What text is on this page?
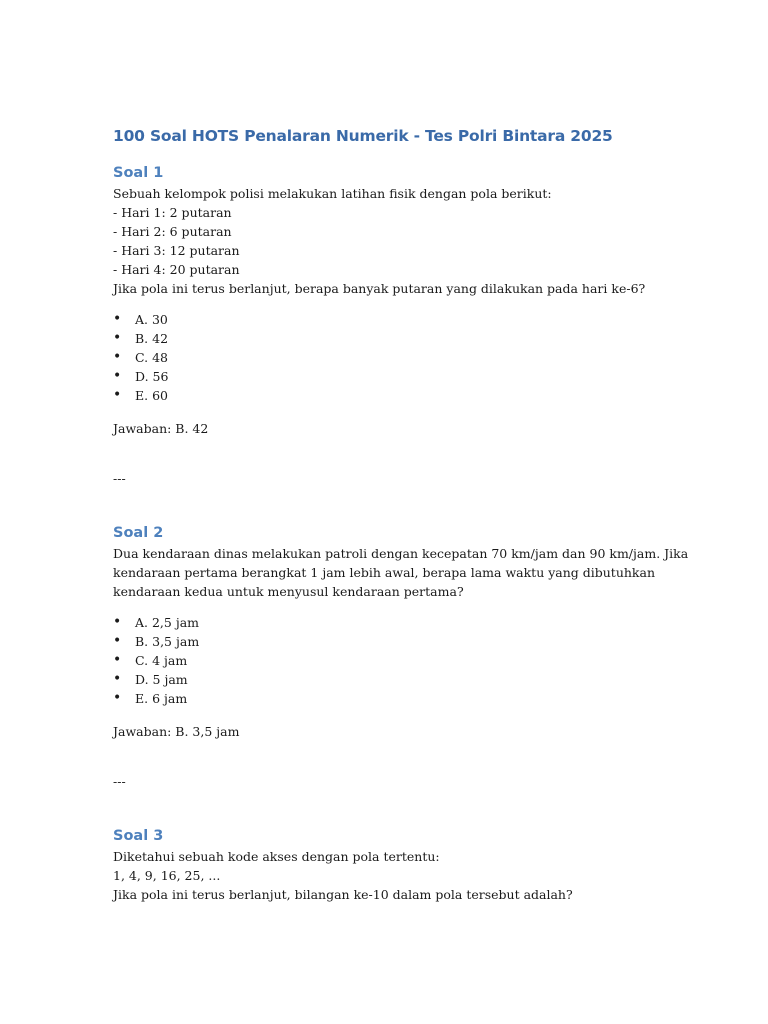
100 Soal HOTS Penalaran Numerik - Tes Polri Bintara 2025
Soal 1
Sebuah kelompok polisi melakukan latihan fisik dengan pola berikut:
- Hari 1: 2 putaran
- Hari 2: 6 putaran
- Hari 3: 12 putaran
- Hari 4: 20 putaran
Jika pola ini terus berlanjut, berapa banyak putaran yang dilakukan pada hari ke-6?
• A. 30
• B. 42
• C. 48
• D. 56
• E. 60

Jawaban: B. 42

---

Soal 2
Dua kendaraan dinas melakukan patroli dengan kecepatan 70 km/jam dan 90 km/jam. Jika
kendaraan pertama berangkat 1 jam lebih awal, berapa lama waktu yang dibutuhkan
kendaraan kedua untuk menyusul kendaraan pertama?
• A. 2,5 jam
• B. 3,5 jam
• C. 4 jam
• D. 5 jam
• E. 6 jam

Jawaban: B. 3,5 jam

---

Soal 3
Diketahui sebuah kode akses dengan pola tertentu:
1, 4, 9, 16, 25, ...
Jika pola ini terus berlanjut, bilangan ke-10 dalam pola tersebut adalah?
